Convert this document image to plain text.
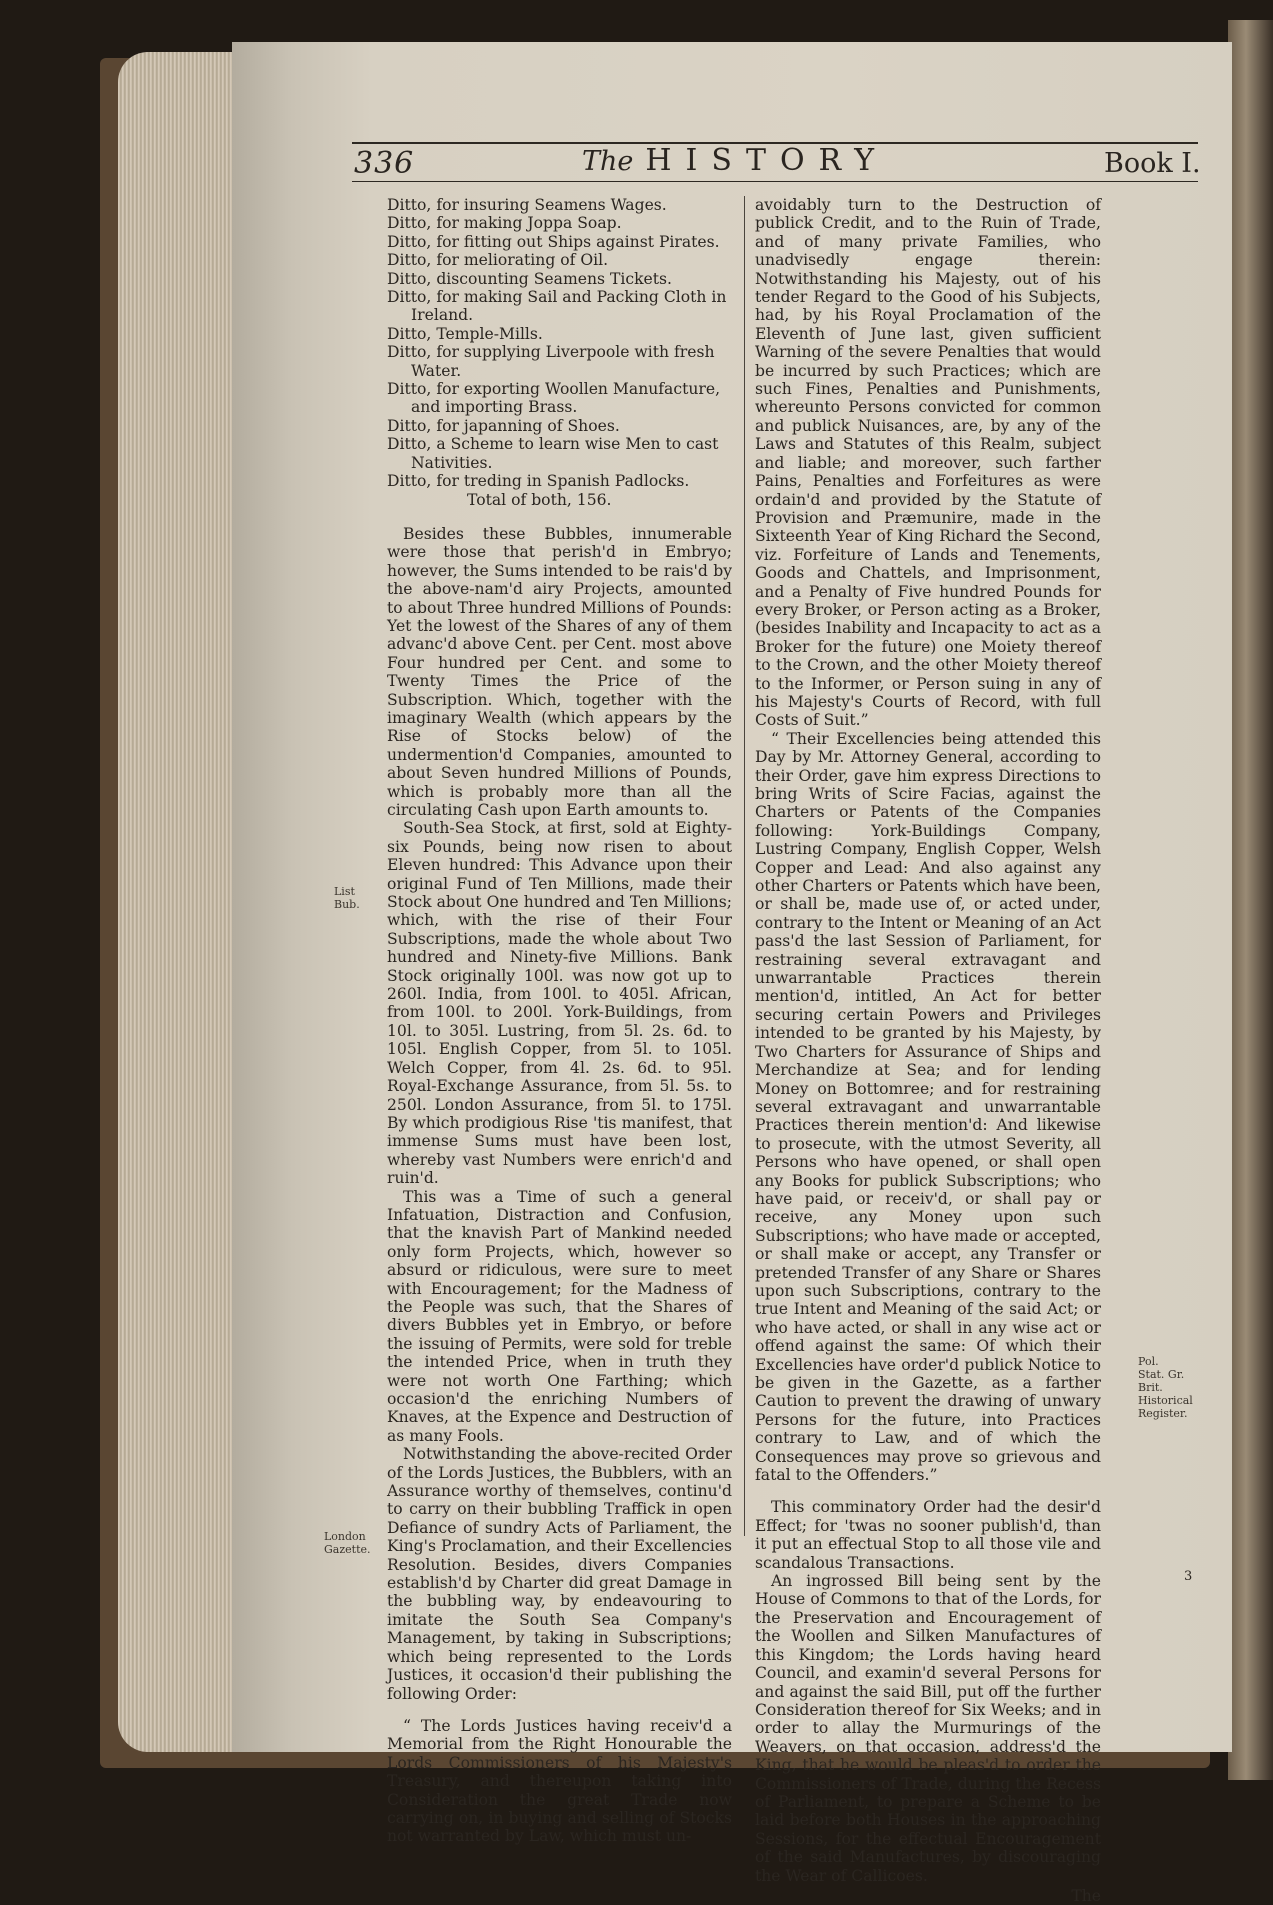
336	The HISTORY	Book I.

Ditto, for insuring Seamens Wages.

Ditto, for making Joppa Soap.

Ditto, for fitting out Ships against Pirates.

Ditto, for meliorating of Oil.

Ditto, discounting Seamens Tickets.

Ditto, for making Sail and Packing Cloth in Ireland.

Ditto, Temple-Mills.

Ditto, for supplying Liverpoole with fresh Water.

Ditto, for exporting Woollen Manufacture, and importing Brass.

Ditto, for japanning of Shoes.

Ditto, a Scheme to learn wise Men to cast Nativities.

Ditto, for treding in Spanish Padlocks.

Total of both, 156.

Besides these Bubbles, innumerable were those that perish'd in Embryo; however, the Sums intended to be rais'd by the above-nam'd airy Projects, amounted to about Three hundred Millions of Pounds: Yet the lowest of the Shares of any of them advanc'd above Cent. per Cent. most above Four hundred per Cent. and some to Twenty Times the Price of the Subscription. Which, together with the imaginary Wealth (which appears by the Rise of Stocks below) of the undermention'd Companies, amounted to about Seven hundred Millions of Pounds, which is probably more than all the circulating Cash upon Earth amounts to.

South-Sea Stock, at first, sold at Eighty-six Pounds, being now risen to about Eleven hundred: This Advance upon their original Fund of Ten Millions, made their Stock about One hundred and Ten Millions; which, with the rise of their Four Subscriptions, made the whole about Two hundred and Ninety-five Millions. Bank Stock originally 100l. was now got up to 260l. India, from 100l. to 405l. African, from 100l. to 200l. York-Buildings, from 10l. to 305l. Lustring, from 5l. 2s. 6d. to 105l. English Copper, from 5l. to 105l. Welch Copper, from 4l. 2s. 6d. to 95l. Royal-Exchange Assurance, from 5l. 5s. to 250l. London Assurance, from 5l. to 175l. By which prodigious Rise 'tis manifest, that immense Sums must have been lost, whereby vast Numbers were enrich'd and ruin'd.

This was a Time of such a general Infatuation, Distraction and Confusion, that the knavish Part of Mankind needed only form Projects, which, however so absurd or ridiculous, were sure to meet with Encouragement; for the Madness of the People was such, that the Shares of divers Bubbles yet in Embryo, or before the issuing of Permits, were sold for treble the intended Price, when in truth they were not worth One Farthing; which occasion'd the enriching Numbers of Knaves, at the Expence and Destruction of as many Fools.

Notwithstanding the above-recited Order of the Lords Justices, the Bubblers, with an Assurance worthy of themselves, continu'd to carry on their bubbling Traffick in open Defiance of sundry Acts of Parliament, the King's Proclamation, and their Excellencies Resolution. Besides, divers Companies establish'd by Charter did great Damage in the bubbling way, by endeavouring to imitate the South Sea Company's Management, by taking in Subscriptions; which being represented to the Lords Justices, it occasion'd their publishing the following Order:

“ The Lords Justices having receiv'd a Memorial from the Right Honourable the Lords Commissioners of his Majesty's Treasury, and thereupon taking into Consideration the great Trade now carrying on, in buying and selling of Stocks not warranted by Law, which must un-

avoidably turn to the Destruction of publick Credit, and to the Ruin of Trade, and of many private Families, who unadvisedly engage therein: Notwithstanding his Majesty, out of his tender Regard to the Good of his Subjects, had, by his Royal Proclamation of the Eleventh of June last, given sufficient Warning of the severe Penalties that would be incurred by such Practices; which are such Fines, Penalties and Punishments, whereunto Persons convicted for common and publick Nuisances, are, by any of the Laws and Statutes of this Realm, subject and liable; and moreover, such farther Pains, Penalties and Forfeitures as were ordain'd and provided by the Statute of Provision and Præmunire, made in the Sixteenth Year of King Richard the Second, viz. Forfeiture of Lands and Tenements, Goods and Chattels, and Imprisonment, and a Penalty of Five hundred Pounds for every Broker, or Person acting as a Broker, (besides Inability and Incapacity to act as a Broker for the future) one Moiety thereof to the Crown, and the other Moiety thereof to the Informer, or Person suing in any of his Majesty's Courts of Record, with full Costs of Suit.”

“ Their Excellencies being attended this Day by Mr. Attorney General, according to their Order, gave him express Directions to bring Writs of Scire Facias, against the Charters or Patents of the Companies following: York-Buildings Company, Lustring Company, English Copper, Welsh Copper and Lead: And also against any other Charters or Patents which have been, or shall be, made use of, or acted under, contrary to the Intent or Meaning of an Act pass'd the last Session of Parliament, for restraining several extravagant and unwarrantable Practices therein mention'd, intitled, An Act for better securing certain Powers and Privileges intended to be granted by his Majesty, by Two Charters for Assurance of Ships and Merchandize at Sea; and for lending Money on Bottomree; and for restraining several extravagant and unwarrantable Practices therein mention'd: And likewise to prosecute, with the utmost Severity, all Persons who have opened, or shall open any Books for publick Subscriptions; who have paid, or receiv'd, or shall pay or receive, any Money upon such Subscriptions; who have made or accepted, or shall make or accept, any Transfer or pretended Transfer of any Share or Shares upon such Subscriptions, contrary to the true Intent and Meaning of the said Act; or who have acted, or shall in any wise act or offend against the same: Of which their Excellencies have order'd publick Notice to be given in the Gazette, as a farther Caution to prevent the drawing of unwary Persons for the future, into Practices contrary to Law, and of which the Consequences may prove so grievous and fatal to the Offenders.”

This comminatory Order had the desir'd Effect; for 'twas no sooner publish'd, than it put an effectual Stop to all those vile and scandalous Transactions.

An ingrossed Bill being sent by the House of Commons to that of the Lords, for the Preservation and Encouragement of the Woollen and Silken Manufactures of this Kingdom; the Lords having heard Council, and examin'd several Persons for and against the said Bill, put off the further Consideration thereof for Six Weeks; and in order to allay the Murmurings of the Weavers, on that occasion, address'd the King, that he would be pleas'd to order the Commissioners of Trade, during the Recess of Parliament, to prepare a Scheme to be laid before both Houses in the approaching Sessions, for the effectual Encouragement of the said Manufactures, by discouraging the Wear of Callicoes.

The

List Bub.
London Gazette.
Pol. Stat. Gr. Brit. Historical Register.
3
